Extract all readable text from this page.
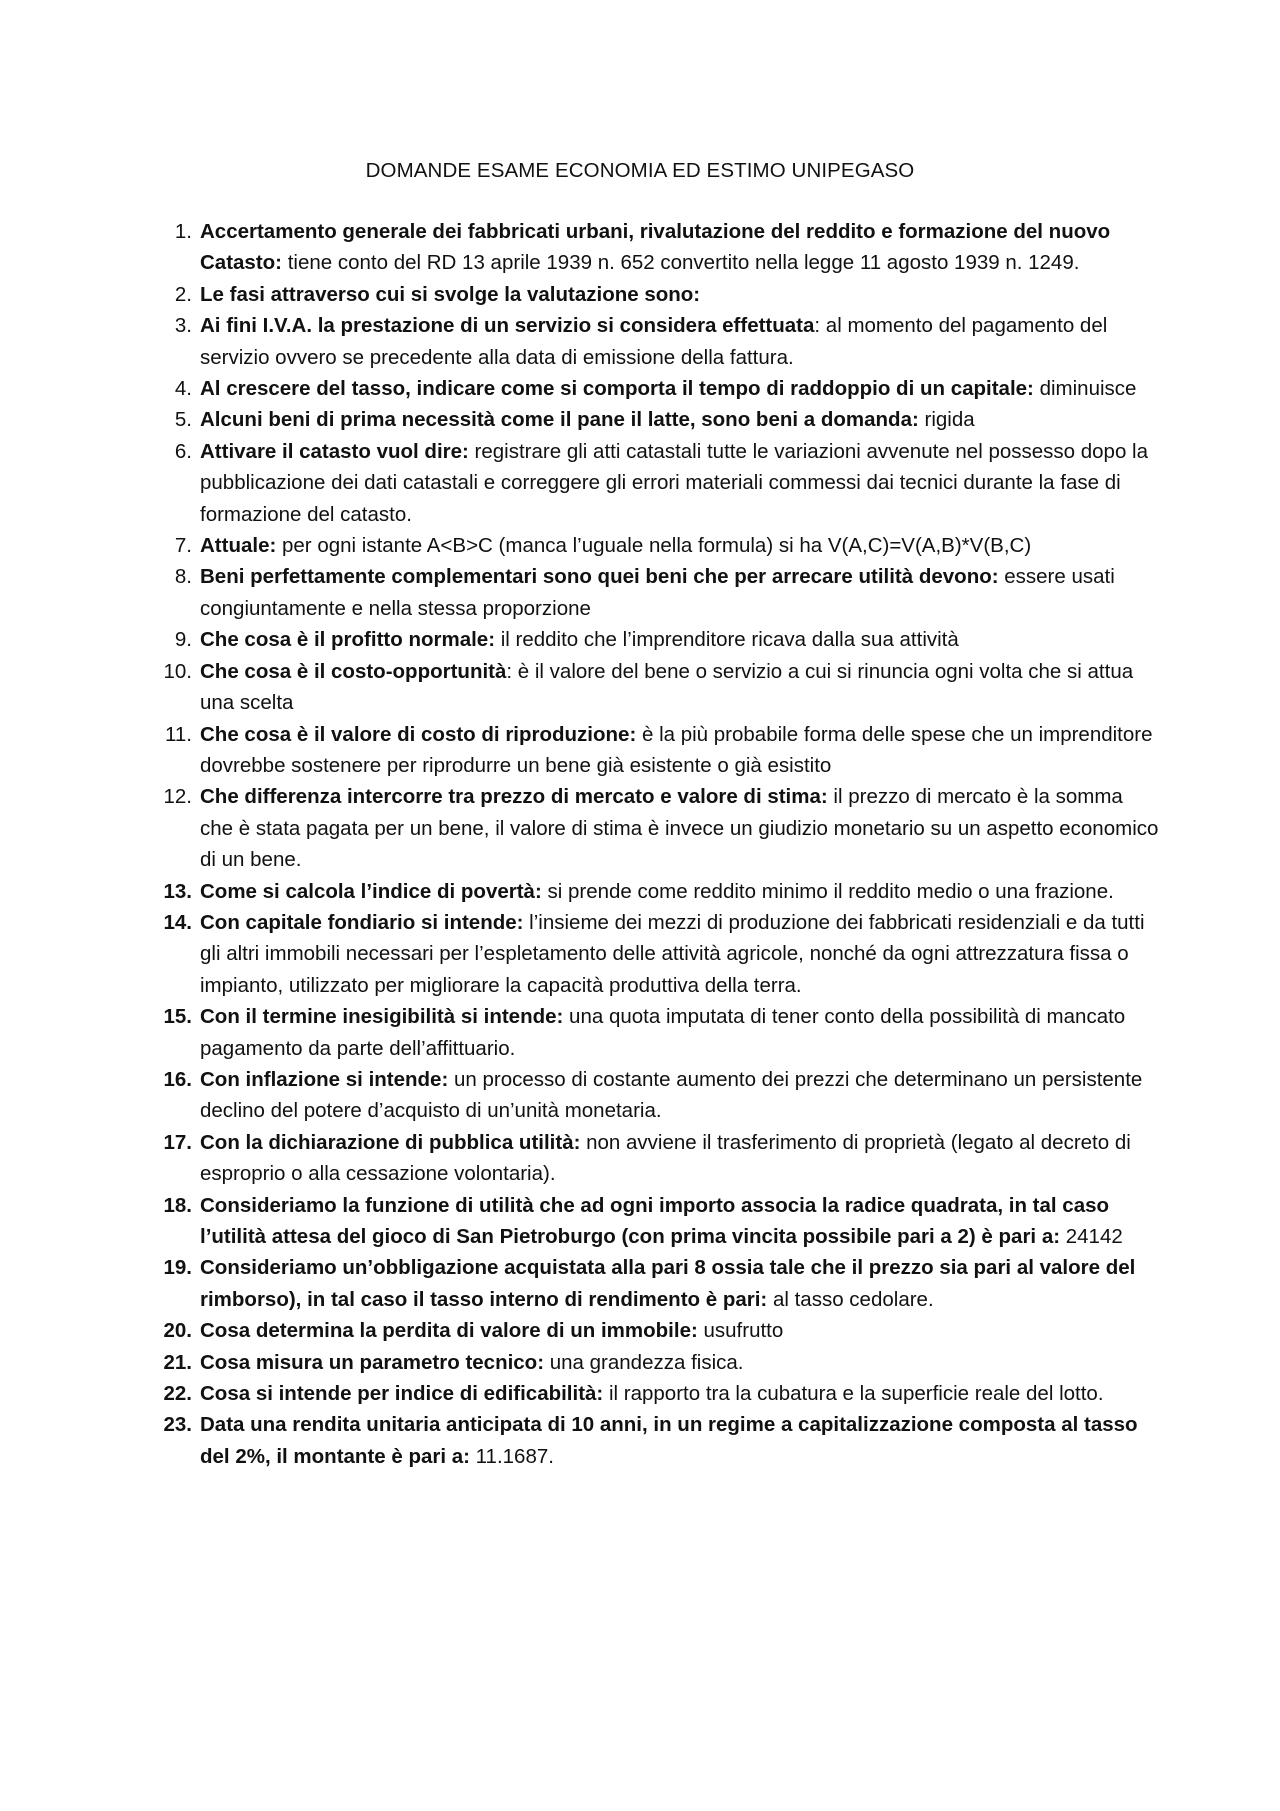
DOMANDE ESAME ECONOMIA ED ESTIMO UNIPEGASO
1. Accertamento generale dei fabbricati urbani, rivalutazione del reddito e formazione del nuovo Catasto: tiene conto del RD 13 aprile 1939 n. 652 convertito nella legge 11 agosto 1939 n. 1249.
2. Le fasi attraverso cui si svolge la valutazione sono:
3. Ai fini I.V.A. la prestazione di un servizio si considera effettuata: al momento del pagamento del servizio ovvero se precedente alla data di emissione della fattura.
4. Al crescere del tasso, indicare come si comporta il tempo di raddoppio di un capitale: diminuisce
5. Alcuni beni di prima necessità come il pane il latte, sono beni a domanda: rigida
6. Attivare il catasto vuol dire: registrare gli atti catastali tutte le variazioni avvenute nel possesso dopo la pubblicazione dei dati catastali e correggere gli errori materiali commessi dai tecnici durante la fase di formazione del catasto.
7. Attuale: per ogni istante A<B>C (manca l’uguale nella formula) si ha V(A,C)=V(A,B)*V(B,C)
8. Beni perfettamente complementari sono quei beni che per arrecare utilità devono: essere usati congiuntamente e nella stessa proporzione
9. Che cosa è il profitto normale: il reddito che l’imprenditore ricava dalla sua attività
10. Che cosa è il costo-opportunità: è il valore del bene o servizio a cui si rinuncia ogni volta che si attua una scelta
11. Che cosa è il valore di costo di riproduzione: è la più probabile forma delle spese che un imprenditore dovrebbe sostenere per riprodurre un bene già esistente o già esistito
12. Che differenza intercorre tra prezzo di mercato e valore di stima: il prezzo di mercato è la somma che è stata pagata per un bene, il valore di stima è invece un giudizio monetario su un aspetto economico di un bene.
13. Come si calcola l’indice di povertà: si prende come reddito minimo il reddito medio o una frazione.
14. Con capitale fondiario si intende: l’insieme dei mezzi di produzione dei fabbricati residenziali e da tutti gli altri immobili necessari per l’espletamento delle attività agricole, nonché da ogni attrezzatura fissa o impianto, utilizzato per migliorare la capacità produttiva della terra.
15. Con il termine inesigibilità si intende: una quota imputata di tener conto della possibilità di mancato pagamento da parte dell’affittuario.
16. Con inflazione si intende: un processo di costante aumento dei prezzi che determinano un persistente declino del potere d’acquisto di un’unità monetaria.
17. Con la dichiarazione di pubblica utilità: non avviene il trasferimento di proprietà (legato al decreto di esproprio o alla cessazione volontaria).
18. Consideriamo la funzione di utilità che ad ogni importo associa la radice quadrata, in tal caso l’utilità attesa del gioco di San Pietroburgo (con prima vincita possibile pari a 2) è pari a: 24142
19. Consideriamo un’obbligazione acquistata alla pari 8 ossia tale che il prezzo sia pari al valore del rimborso), in tal caso il tasso interno di rendimento è pari: al tasso cedolare.
20. Cosa determina la perdita di valore di un immobile: usufrutto
21. Cosa misura un parametro tecnico: una grandezza fisica.
22. Cosa si intende per indice di edificabilità: il rapporto tra la cubatura e la superficie reale del lotto.
23. Data una rendita unitaria anticipata di 10 anni, in un regime a capitalizzazione composta al tasso del 2%, il montante è pari a: 11.1687.
